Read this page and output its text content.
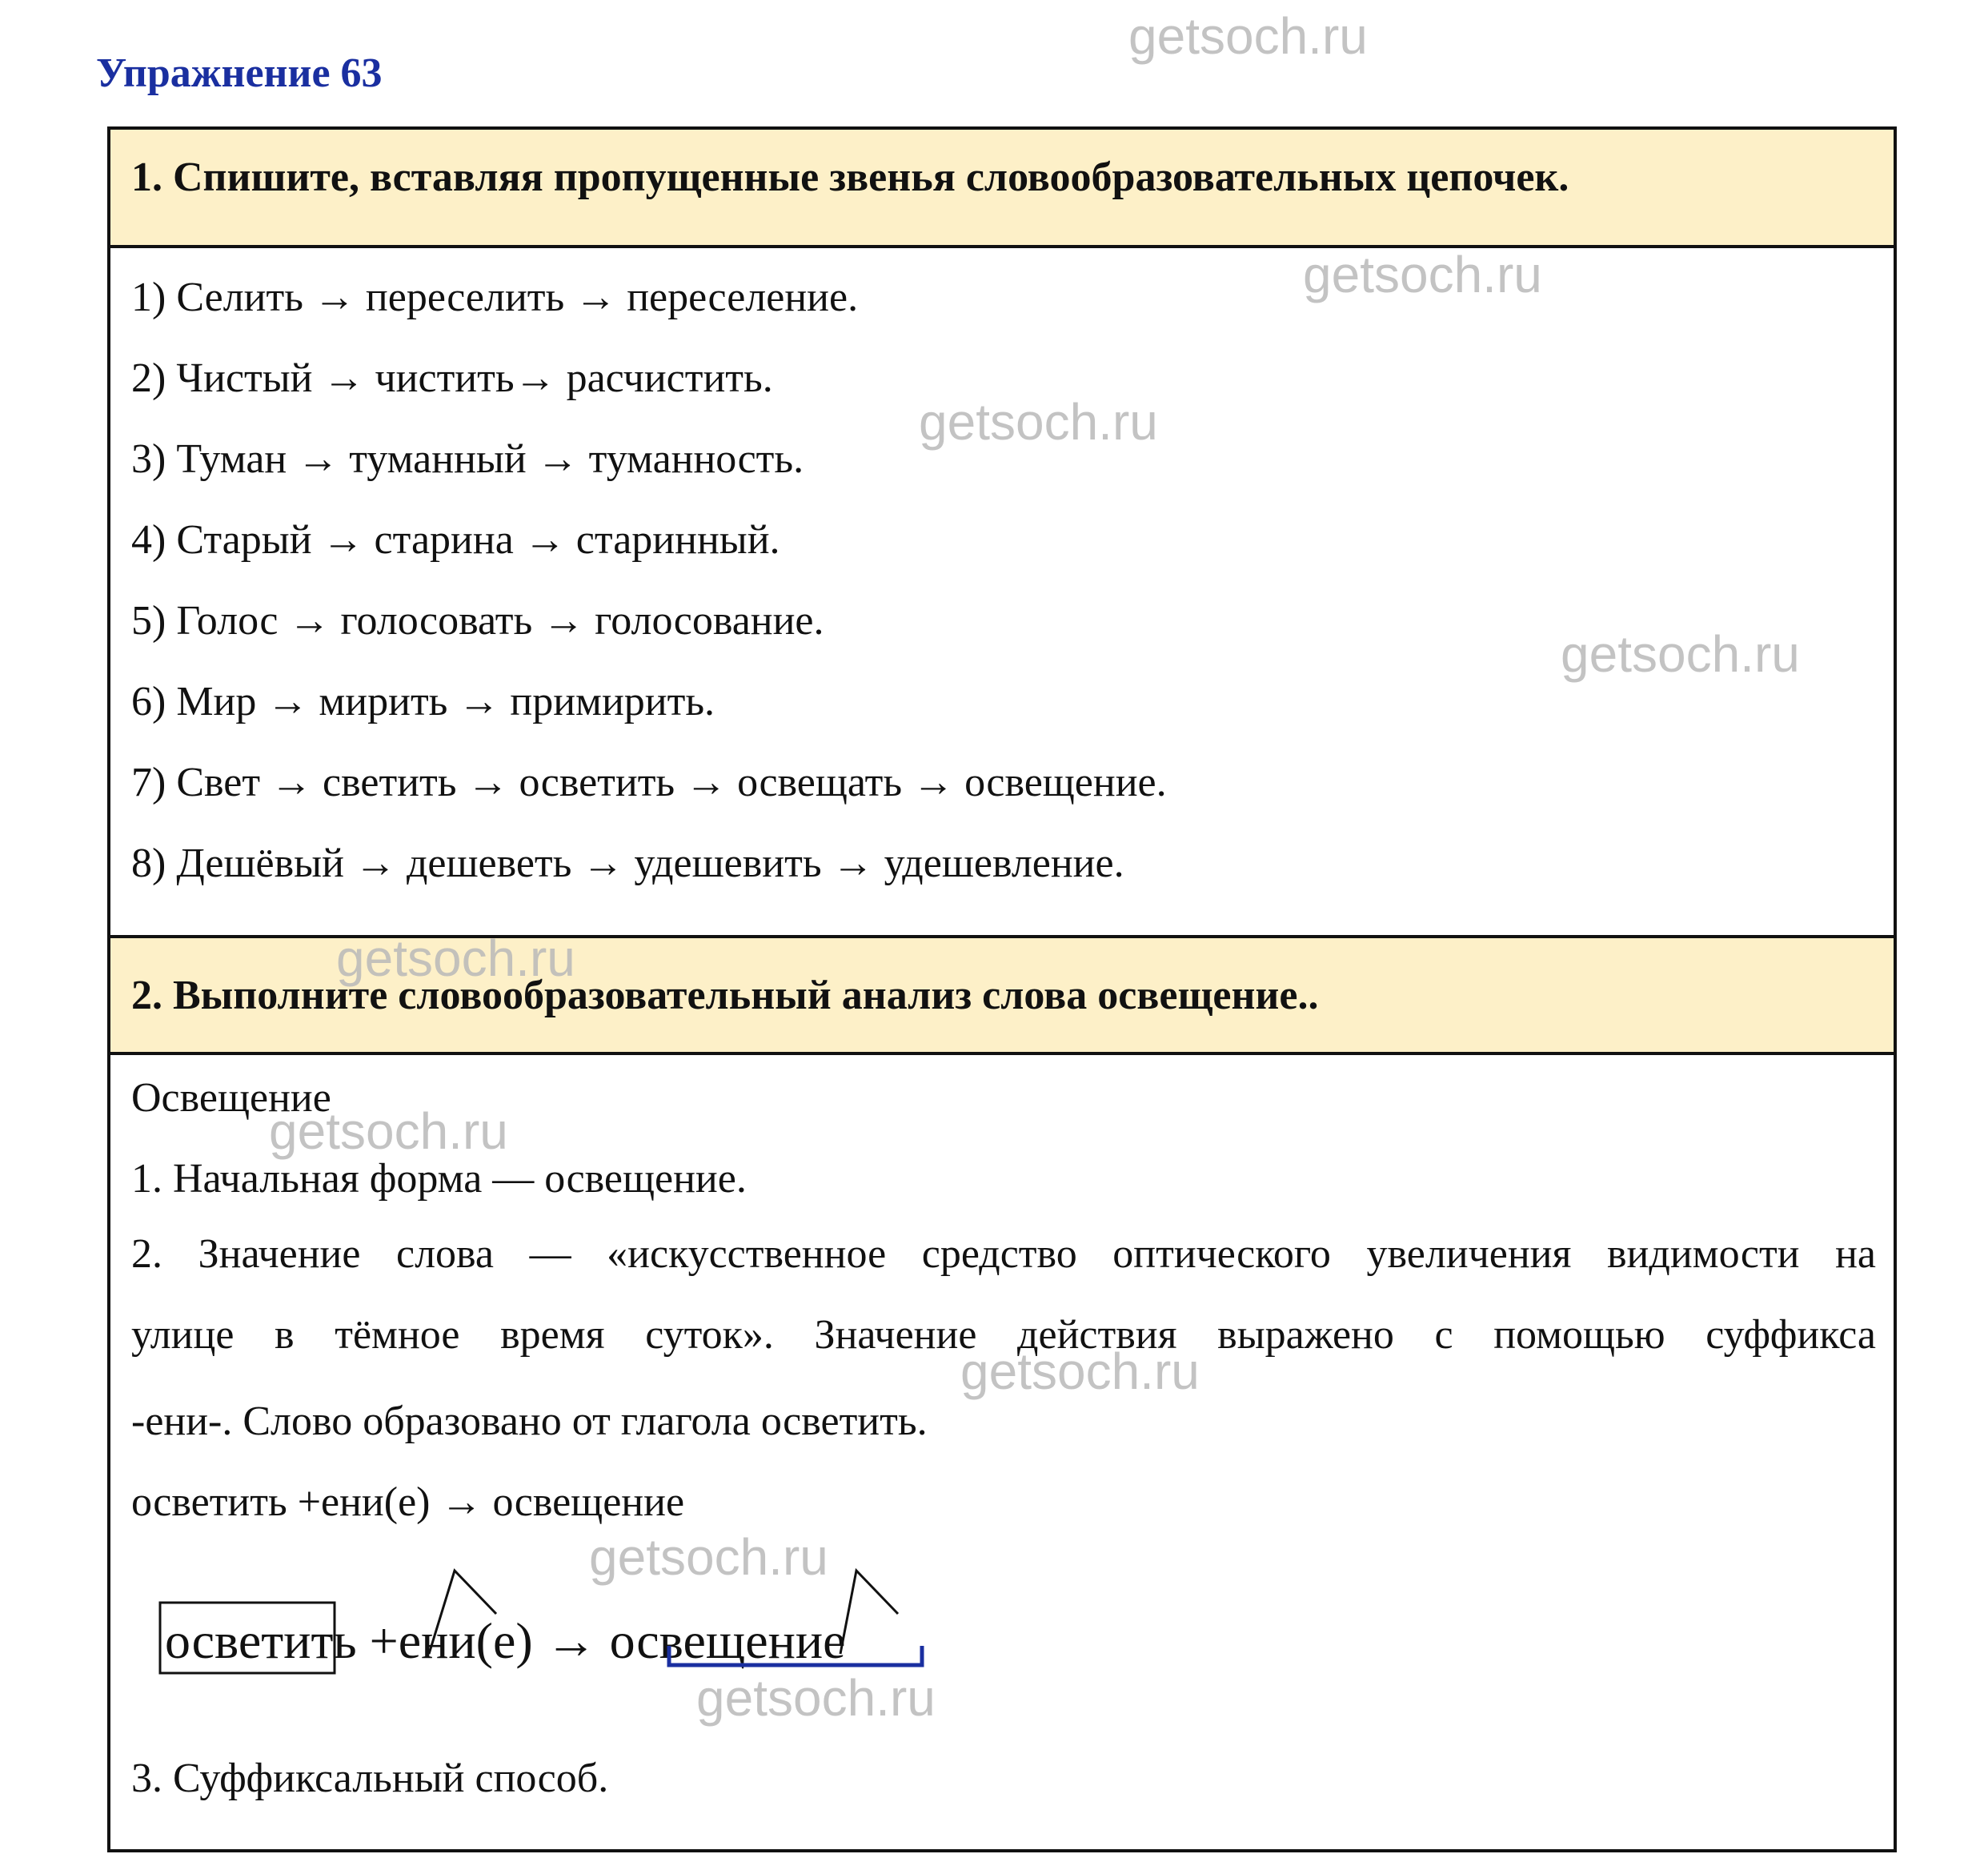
Упражнение 63
1. Спишите, вставляя пропущенные звенья словообразовательных цепочек.
1) Селить → переселить → переселение.
2) Чистый → чистить→ расчистить.
3) Туман → туманный → туманность.
4) Старый → старина → старинный.
5) Голос → голосовать → голосование.
6) Мир → мирить → примирить.
7) Свет → светить → осветить → освещать → освещение.
8) Дешёвый → дешеветь → удешевить → удешевление.
2. Выполните словообразовательный анализ слова освещение..
Освещение
1. Начальная форма — освещение.
2. Значение слова — «искусственное средство оптического увеличения видимости на
улице в тёмное время суток». Значение действия выражено с помощью суффикса
-ени-. Слово образовано от глагола осветить.
осветить +ени(е) → освещение
3. Суффиксальный способ.
осветить +ени(е) → освещение
getsoch.ru
getsoch.ru
getsoch.ru
getsoch.ru
getsoch.ru
getsoch.ru
getsoch.ru
getsoch.ru
getsoch.ru
